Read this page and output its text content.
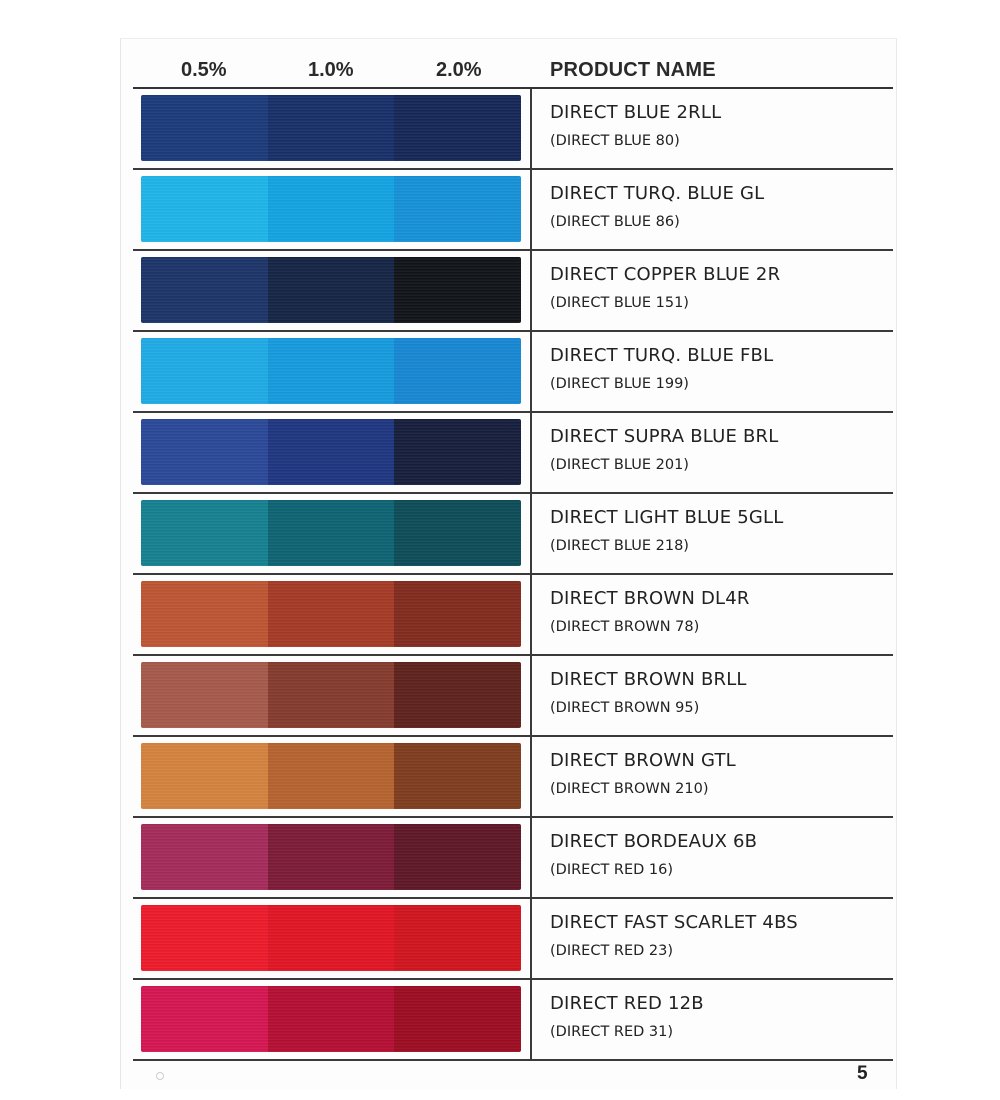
0.5%	1.0%	2.0%	PRODUCT NAME
DIRECT BLUE 2RLL
(DIRECT BLUE 80)
DIRECT TURQ. BLUE GL
(DIRECT BLUE 86)
DIRECT COPPER BLUE 2R
(DIRECT BLUE 151)
DIRECT TURQ. BLUE FBL
(DIRECT BLUE 199)
DIRECT SUPRA BLUE BRL
(DIRECT BLUE 201)
DIRECT LIGHT BLUE 5GLL
(DIRECT BLUE 218)
DIRECT BROWN DL4R
(DIRECT BROWN 78)
DIRECT BROWN BRLL
(DIRECT BROWN 95)
DIRECT BROWN GTL
(DIRECT BROWN 210)
DIRECT BORDEAUX 6B
(DIRECT RED 16)
DIRECT FAST SCARLET 4BS
(DIRECT RED 23)
DIRECT RED 12B
(DIRECT RED 31)
5
